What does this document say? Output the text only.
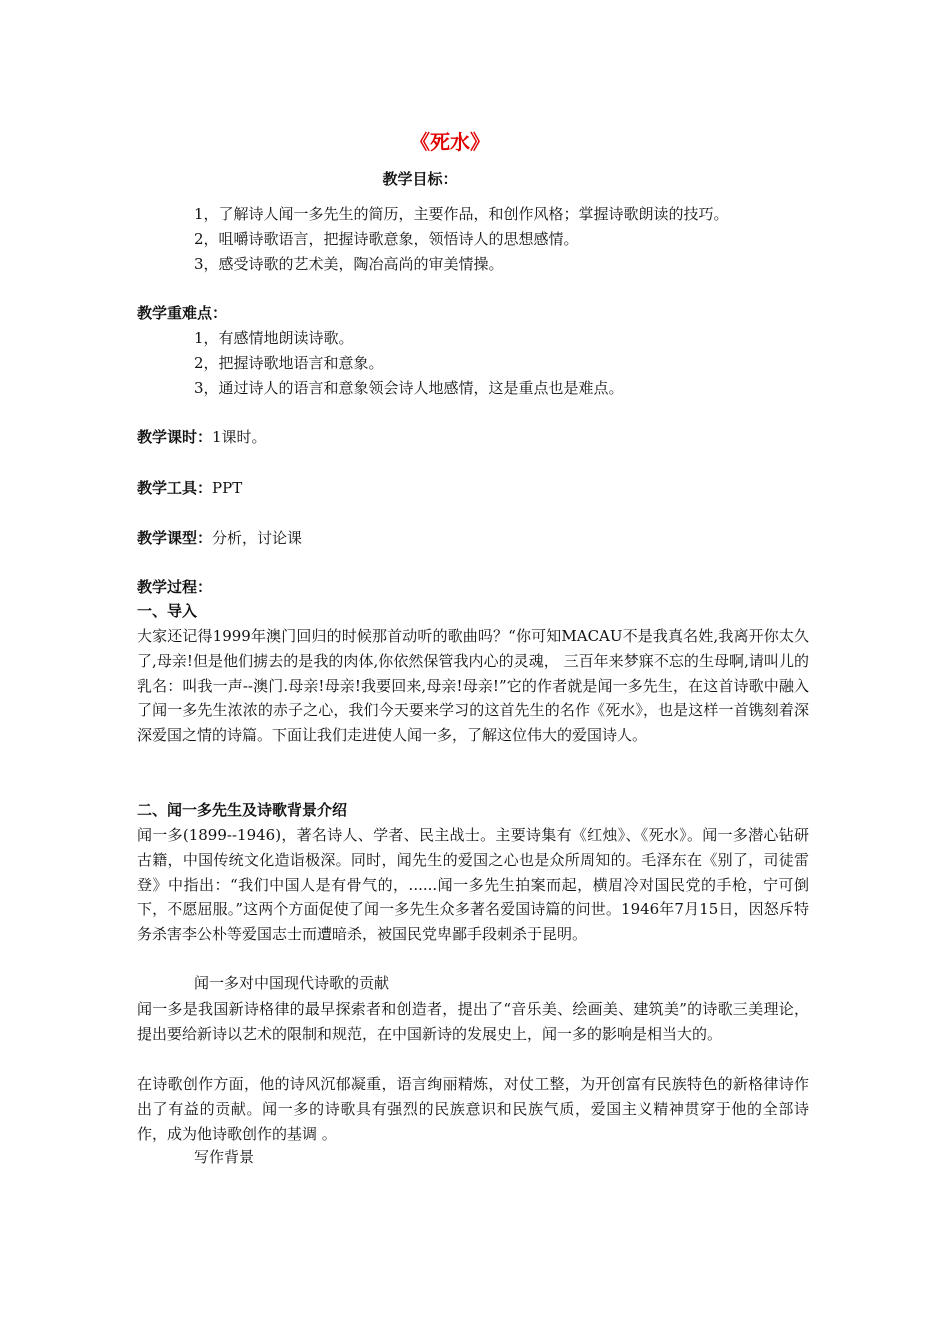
《死水》
教学目标：
1，了解诗人闻一多先生的简历，主要作品，和创作风格；掌握诗歌朗读的技巧。
2，咀嚼诗歌语言，把握诗歌意象，领悟诗人的思想感情。
3，感受诗歌的艺术美，陶冶高尚的审美情操。
教学重难点：
1，有感情地朗读诗歌。
2，把握诗歌地语言和意象。
3，通过诗人的语言和意象领会诗人地感情，这是重点也是难点。
教学课时：1课时。
教学工具：PPT
教学课型：分析，讨论课
教学过程：
一、导入
大家还记得1999年澳门回归的时候那首动听的歌曲吗？“你可知MACAU不是我真名姓,我离开你太久了,母亲!但是他们掳去的是我的肉体,你依然保管我内心的灵魂， 三百年来梦寐不忘的生母啊,请叫儿的乳名：叫我一声--澳门.母亲!母亲!我要回来,母亲!母亲!”它的作者就是闻一多先生，在这首诗歌中融入了闻一多先生浓浓的赤子之心，我们今天要来学习的这首先生的名作《死水》，也是这样一首镌刻着深深爱国之情的诗篇。下面让我们走进使人闻一多，了解这位伟大的爱国诗人。
二、闻一多先生及诗歌背景介绍
闻一多(1899--1946)，著名诗人、学者、民主战士。主要诗集有《红烛》、《死水》。闻一多潜心钻研古籍，中国传统文化造诣极深。同时，闻先生的爱国之心也是众所周知的。毛泽东在《别了，司徒雷登》中指出：“我们中国人是有骨气的，......闻一多先生拍案而起，横眉冷对国民党的手枪，宁可倒下，不愿屈服。”这两个方面促使了闻一多先生众多著名爱国诗篇的问世。1946年7月15日，因怒斥特务杀害李公朴等爱国志士而遭暗杀，被国民党卑鄙手段刺杀于昆明。
闻一多对中国现代诗歌的贡献
闻一多是我国新诗格律的最早探索者和创造者，提出了“音乐美、绘画美、建筑美”的诗歌三美理论，提出要给新诗以艺术的限制和规范，在中国新诗的发展史上，闻一多的影响是相当大的。
在诗歌创作方面，他的诗风沉郁凝重，语言绚丽精炼，对仗工整，为开创富有民族特色的新格律诗作出了有益的贡献。闻一多的诗歌具有强烈的民族意识和民族气质，爱国主义精神贯穿于他的全部诗作，成为他诗歌创作的基调 。
写作背景
